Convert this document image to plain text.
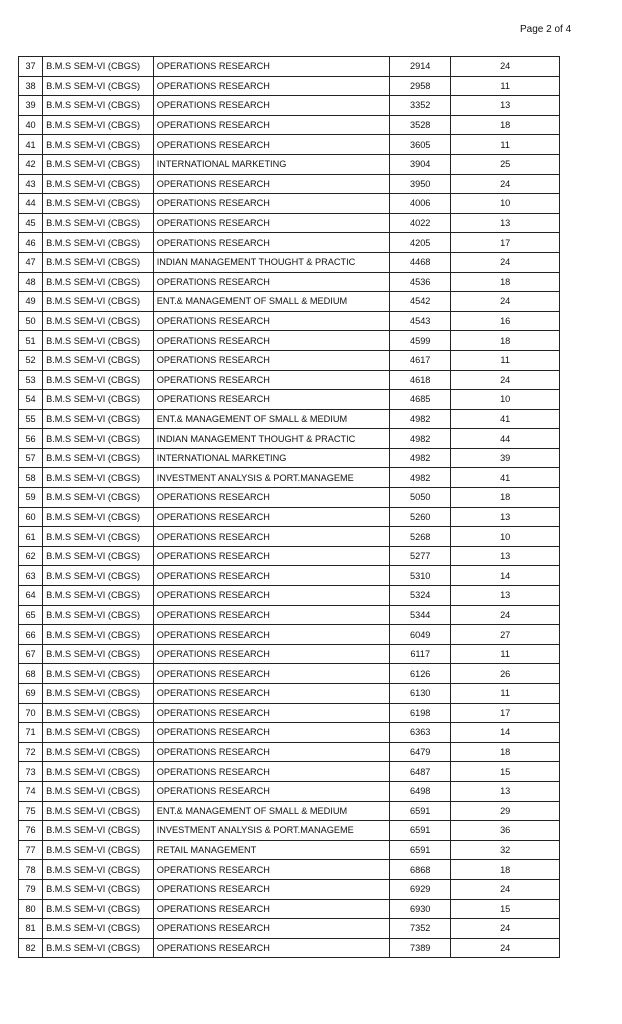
Page 2 of 4
37	B.M.S SEM-VI (CBGS)	OPERATIONS RESEARCH	2914	24
38	B.M.S SEM-VI (CBGS)	OPERATIONS RESEARCH	2958	11
39	B.M.S SEM-VI (CBGS)	OPERATIONS RESEARCH	3352	13
40	B.M.S SEM-VI (CBGS)	OPERATIONS RESEARCH	3528	18
41	B.M.S SEM-VI (CBGS)	OPERATIONS RESEARCH	3605	11
42	B.M.S SEM-VI (CBGS)	INTERNATIONAL MARKETING	3904	25
43	B.M.S SEM-VI (CBGS)	OPERATIONS RESEARCH	3950	24
44	B.M.S SEM-VI (CBGS)	OPERATIONS RESEARCH	4006	10
45	B.M.S SEM-VI (CBGS)	OPERATIONS RESEARCH	4022	13
46	B.M.S SEM-VI (CBGS)	OPERATIONS RESEARCH	4205	17
47	B.M.S SEM-VI (CBGS)	INDIAN MANAGEMENT THOUGHT & PRACTIC	4468	24
48	B.M.S SEM-VI (CBGS)	OPERATIONS RESEARCH	4536	18
49	B.M.S SEM-VI (CBGS)	ENT.& MANAGEMENT OF SMALL & MEDIUM	4542	24
50	B.M.S SEM-VI (CBGS)	OPERATIONS RESEARCH	4543	16
51	B.M.S SEM-VI (CBGS)	OPERATIONS RESEARCH	4599	18
52	B.M.S SEM-VI (CBGS)	OPERATIONS RESEARCH	4617	11
53	B.M.S SEM-VI (CBGS)	OPERATIONS RESEARCH	4618	24
54	B.M.S SEM-VI (CBGS)	OPERATIONS RESEARCH	4685	10
55	B.M.S SEM-VI (CBGS)	ENT.& MANAGEMENT OF SMALL & MEDIUM	4982	41
56	B.M.S SEM-VI (CBGS)	INDIAN MANAGEMENT THOUGHT & PRACTIC	4982	44
57	B.M.S SEM-VI (CBGS)	INTERNATIONAL MARKETING	4982	39
58	B.M.S SEM-VI (CBGS)	INVESTMENT ANALYSIS & PORT.MANAGEME	4982	41
59	B.M.S SEM-VI (CBGS)	OPERATIONS RESEARCH	5050	18
60	B.M.S SEM-VI (CBGS)	OPERATIONS RESEARCH	5260	13
61	B.M.S SEM-VI (CBGS)	OPERATIONS RESEARCH	5268	10
62	B.M.S SEM-VI (CBGS)	OPERATIONS RESEARCH	5277	13
63	B.M.S SEM-VI (CBGS)	OPERATIONS RESEARCH	5310	14
64	B.M.S SEM-VI (CBGS)	OPERATIONS RESEARCH	5324	13
65	B.M.S SEM-VI (CBGS)	OPERATIONS RESEARCH	5344	24
66	B.M.S SEM-VI (CBGS)	OPERATIONS RESEARCH	6049	27
67	B.M.S SEM-VI (CBGS)	OPERATIONS RESEARCH	6117	11
68	B.M.S SEM-VI (CBGS)	OPERATIONS RESEARCH	6126	26
69	B.M.S SEM-VI (CBGS)	OPERATIONS RESEARCH	6130	11
70	B.M.S SEM-VI (CBGS)	OPERATIONS RESEARCH	6198	17
71	B.M.S SEM-VI (CBGS)	OPERATIONS RESEARCH	6363	14
72	B.M.S SEM-VI (CBGS)	OPERATIONS RESEARCH	6479	18
73	B.M.S SEM-VI (CBGS)	OPERATIONS RESEARCH	6487	15
74	B.M.S SEM-VI (CBGS)	OPERATIONS RESEARCH	6498	13
75	B.M.S SEM-VI (CBGS)	ENT.& MANAGEMENT OF SMALL & MEDIUM	6591	29
76	B.M.S SEM-VI (CBGS)	INVESTMENT ANALYSIS & PORT.MANAGEME	6591	36
77	B.M.S SEM-VI (CBGS)	RETAIL MANAGEMENT	6591	32
78	B.M.S SEM-VI (CBGS)	OPERATIONS RESEARCH	6868	18
79	B.M.S SEM-VI (CBGS)	OPERATIONS RESEARCH	6929	24
80	B.M.S SEM-VI (CBGS)	OPERATIONS RESEARCH	6930	15
81	B.M.S SEM-VI (CBGS)	OPERATIONS RESEARCH	7352	24
82	B.M.S SEM-VI (CBGS)	OPERATIONS RESEARCH	7389	24
